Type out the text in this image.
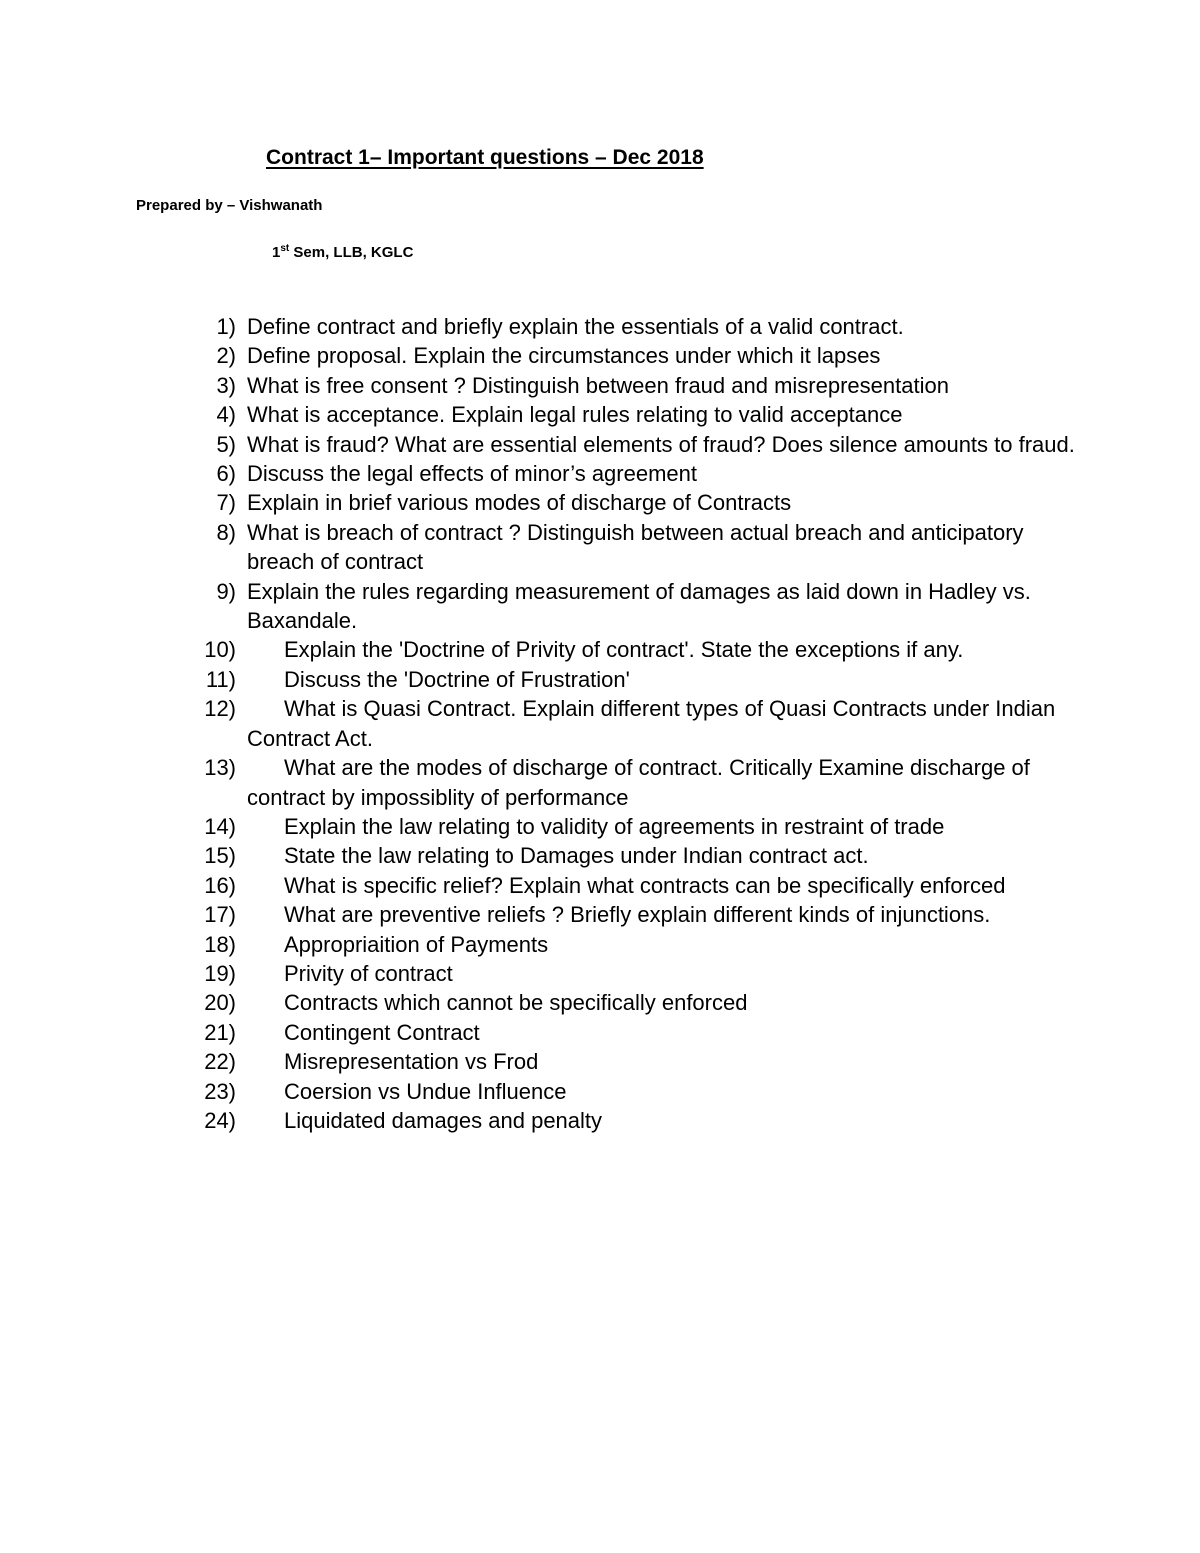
Contract 1– Important questions – Dec 2018
Prepared by – Vishwanath
1st Sem, LLB, KGLC
1) Define contract and briefly explain the essentials of a valid contract.
2) Define proposal. Explain the circumstances under which it lapses
3) What is free consent ? Distinguish between fraud and misrepresentation
4) What is acceptance. Explain legal rules relating to valid acceptance
5) What is fraud? What are essential elements of fraud? Does silence amounts to fraud.
6) Discuss the legal effects of minor’s agreement
7) Explain in brief various modes of discharge of Contracts
8) What is breach of contract ? Distinguish between actual breach and anticipatory breach of contract
9) Explain the rules regarding measurement of damages as laid down in Hadley vs. Baxandale.
10) Explain the 'Doctrine of Privity of contract'. State the exceptions if any.
11) Discuss the 'Doctrine of Frustration'
12) What is Quasi Contract. Explain different types of Quasi Contracts under Indian Contract Act.
13) What are the modes of discharge of contract. Critically Examine discharge of contract by impossiblity of performance
14) Explain the law relating to validity of agreements in restraint of trade
15) State the law relating to Damages under Indian contract act.
16) What is specific relief? Explain what contracts can be specifically enforced
17) What are preventive reliefs ? Briefly explain different kinds of injunctions.
18) Appropriaition of Payments
19) Privity of contract
20) Contracts which cannot be specifically enforced
21) Contingent Contract
22) Misrepresentation vs Frod
23) Coersion vs Undue Influence
24) Liquidated damages and penalty
